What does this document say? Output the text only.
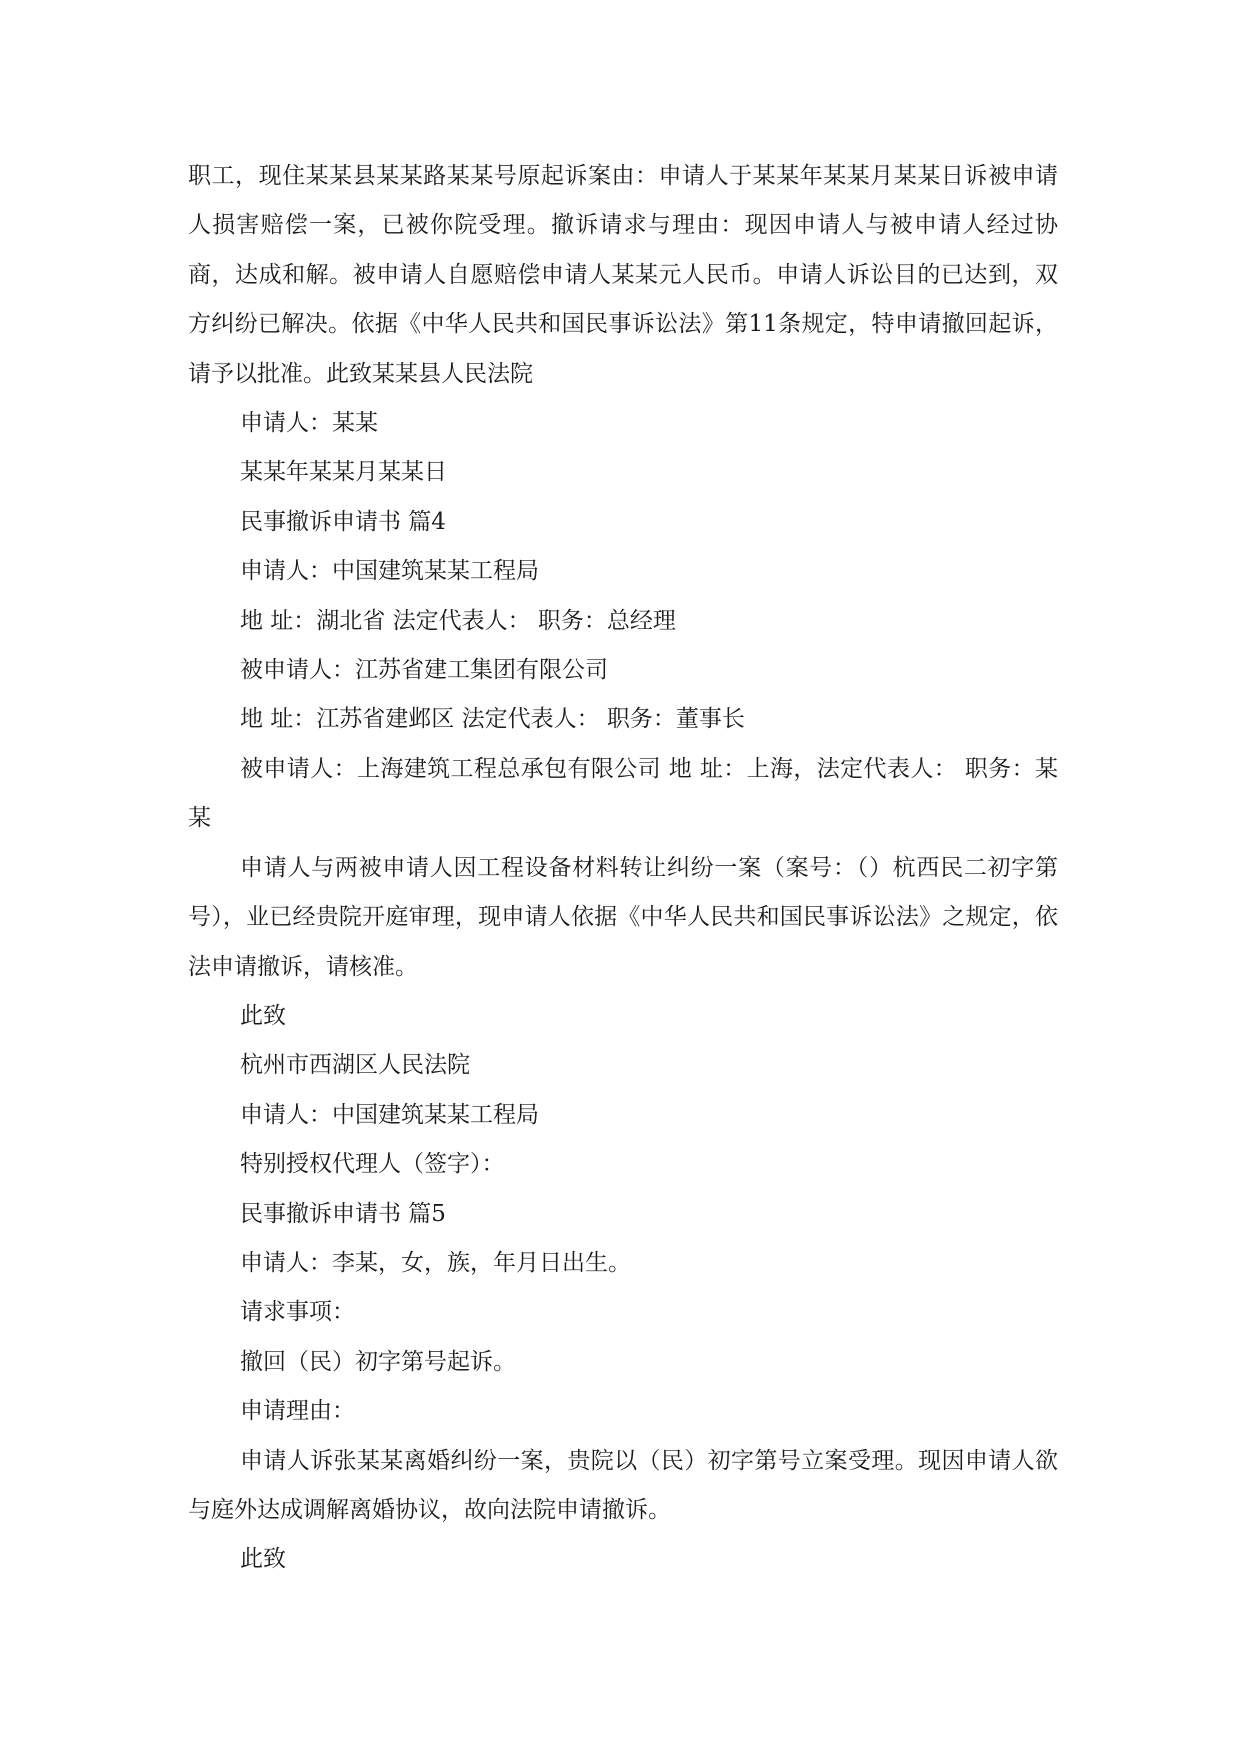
职工，现住某某县某某路某某号原起诉案由：申请人于某某年某某月某某日诉被申请人损害赔偿一案，已被你院受理。撤诉请求与理由：现因申请人与被申请人经过协商，达成和解。被申请人自愿赔偿申请人某某元人民币。申请人诉讼目的已达到，双方纠纷已解决。依据《中华人民共和国民事诉讼法》第11条规定，特申请撤回起诉，请予以批准。此致某某县人民法院

申请人：某某

某某年某某月某某日

民事撤诉申请书 篇4

申请人：中国建筑某某工程局

地 址：湖北省 法定代表人： 职务：总经理

被申请人：江苏省建工集团有限公司

地 址：江苏省建邺区 法定代表人： 职务：董事长

被申请人：上海建筑工程总承包有限公司 地 址：上海，法定代表人： 职务：某某

申请人与两被申请人因工程设备材料转让纠纷一案（案号：（）杭西民二初字第号），业已经贵院开庭审理，现申请人依据《中华人民共和国民事诉讼法》之规定，依法申请撤诉，请核准。

此致

杭州市西湖区人民法院

申请人：中国建筑某某工程局

特别授权代理人（签字）：

民事撤诉申请书 篇5

申请人：李某，女，族，年月日出生。

请求事项：

撤回（民）初字第号起诉。

申请理由：

申请人诉张某某离婚纠纷一案，贵院以（民）初字第号立案受理。现因申请人欲与庭外达成调解离婚协议，故向法院申请撤诉。

此致
